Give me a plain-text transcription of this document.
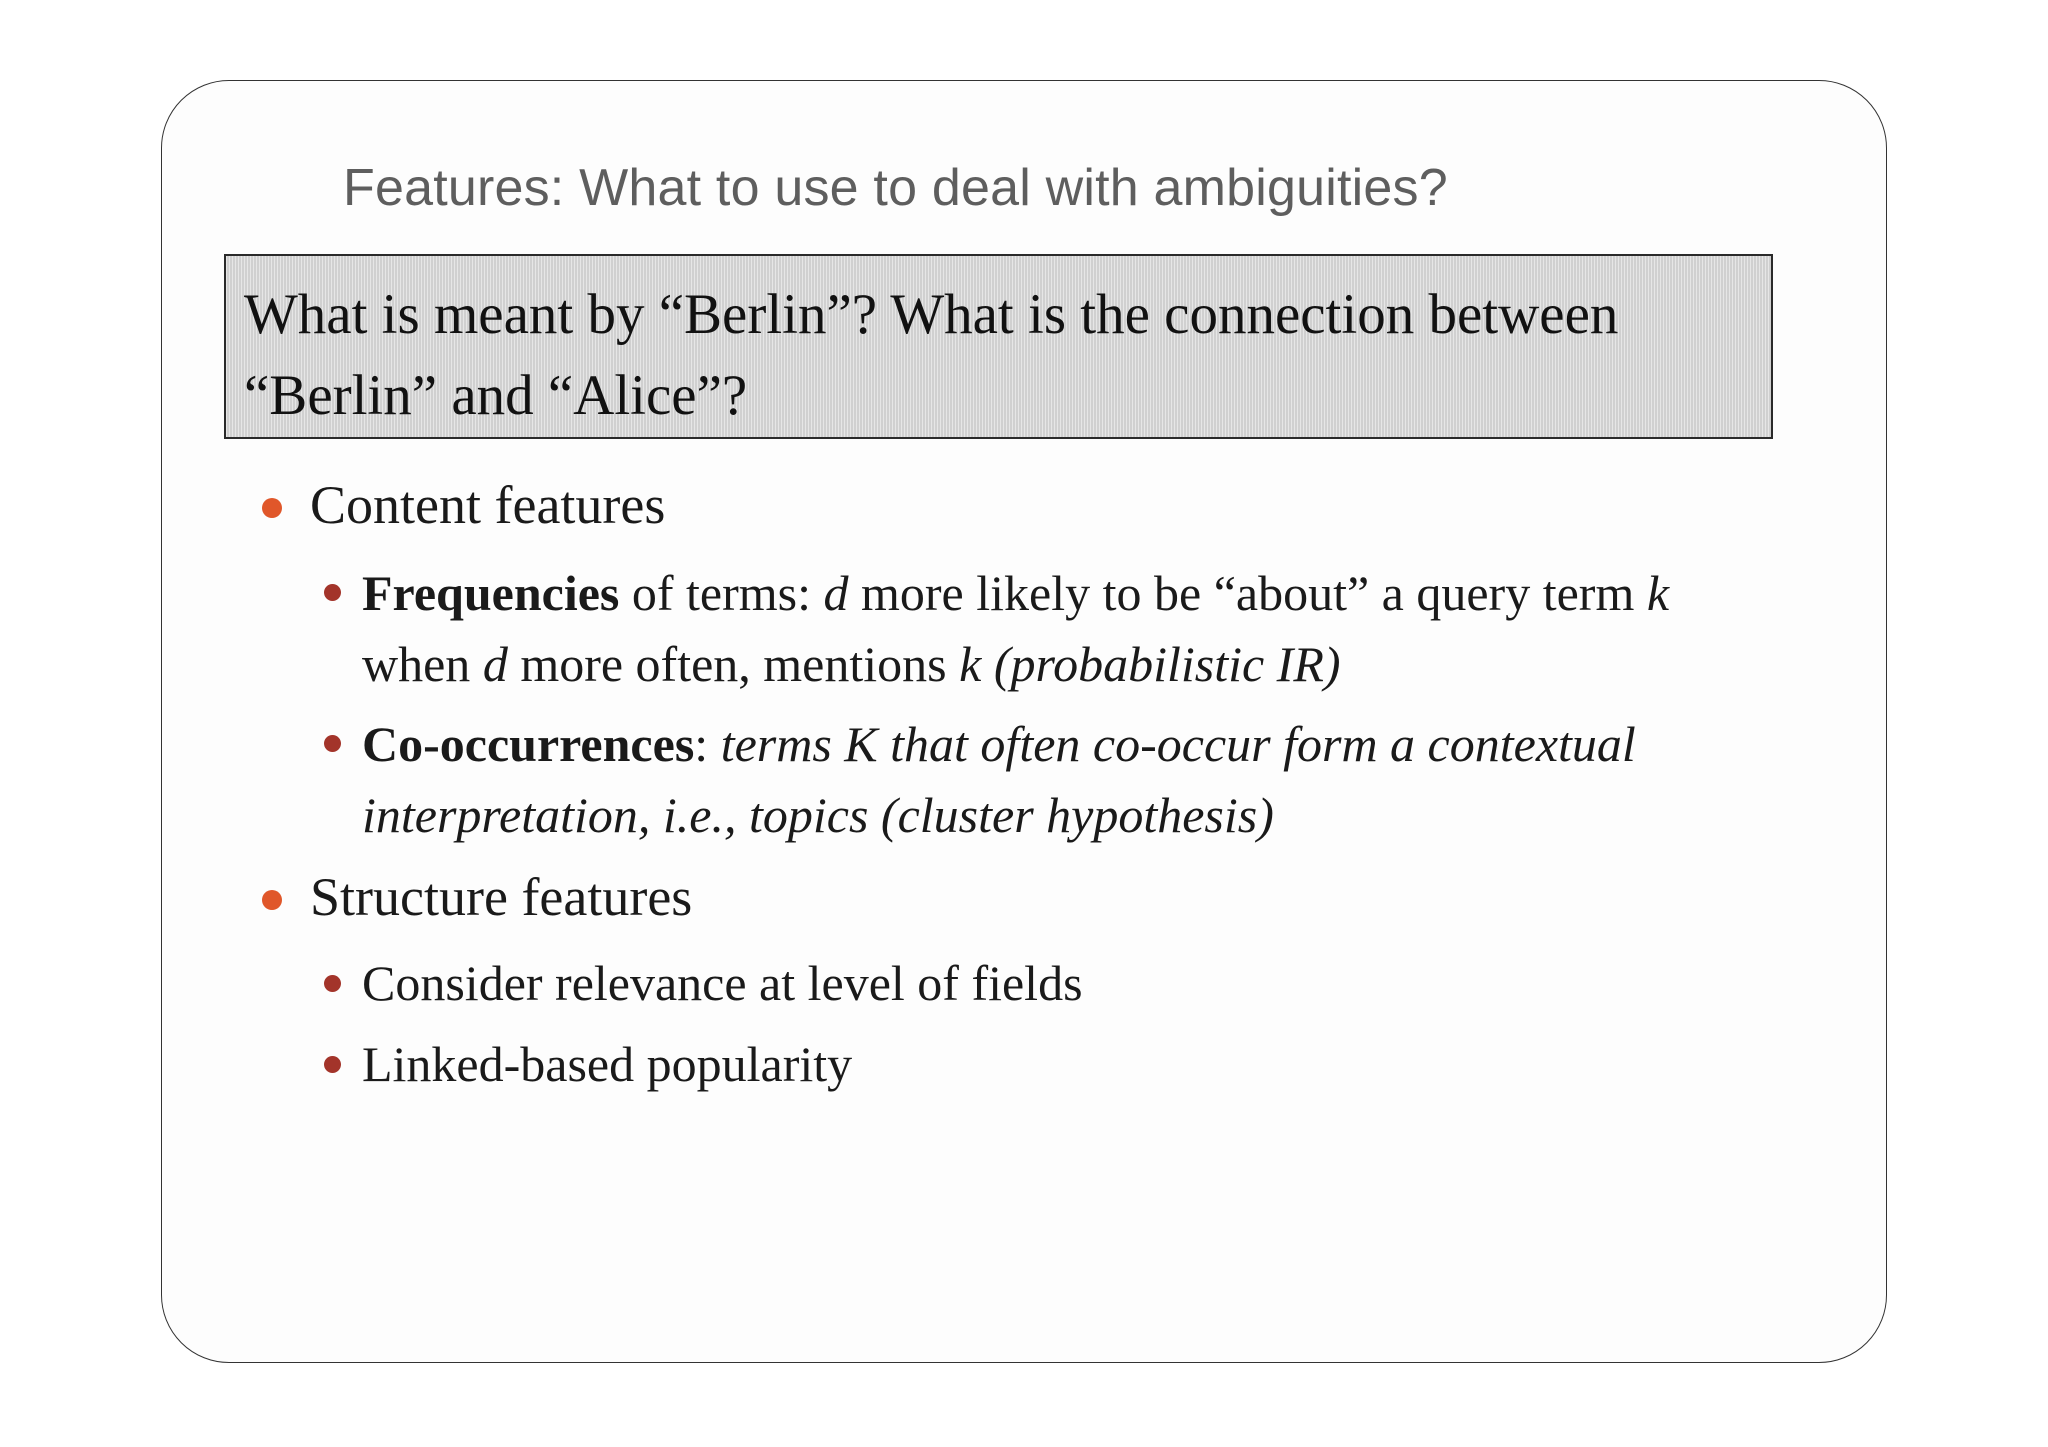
Features: What to use to deal with ambiguities?
What is meant by “Berlin”? What is the connection between
“Berlin” and “Alice”?
Content features
Frequencies of terms: d more likely to be “about” a query term k
when d more often, mentions k (probabilistic IR)
Co-occurrences: terms K that often co-occur form a contextual
interpretation, i.e., topics (cluster hypothesis)
Structure features
Consider relevance at level of fields
Linked-based popularity
